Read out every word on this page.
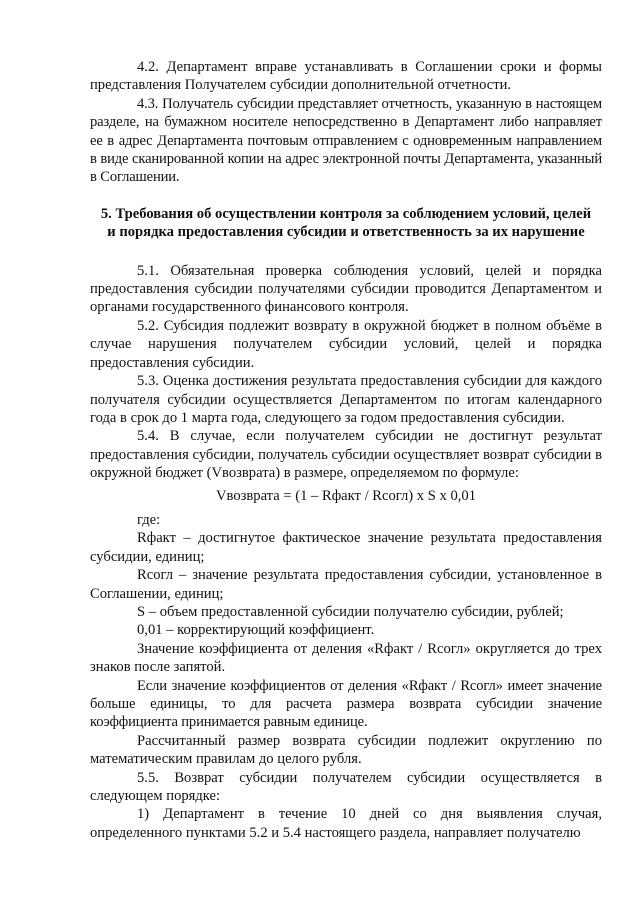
4.2. Департамент вправе устанавливать в Соглашении сроки и формы представления Получателем субсидии дополнительной отчетности.

4.3. Получатель субсидии представляет отчетность, указанную в настоящем разделе, на бумажном носителе непосредственно в Департамент либо направляет ее в адрес Департамента почтовым отправлением с одновременным направлением в виде сканированной копии на адрес электронной почты Департамента, указанный в Соглашении.

5. Требования об осуществлении контроля за соблюдением условий, целей
и порядка предоставления субсидии и ответственность за их нарушение

5.1. Обязательная проверка соблюдения условий, целей и порядка предоставления субсидии получателями субсидии проводится Департаментом и органами государственного финансового контроля.

5.2. Субсидия подлежит возврату в окружной бюджет в полном объёме в случае нарушения получателем субсидии условий, целей и порядка предоставления субсидии.

5.3. Оценка достижения результата предоставления субсидии для каждого получателя субсидии осуществляется Департаментом по итогам календарного года в срок до 1 марта года, следующего за годом предоставления субсидии.

5.4. В случае, если получателем субсидии не достигнут результат предоставления субсидии, получатель субсидии осуществляет возврат субсидии в окружной бюджет (Vвозврата) в размере, определяемом по формуле:

Vвозврата = (1 – Rфакт / Rсогл) x S x 0,01

где:

Rфакт – достигнутое фактическое значение результата предоставления субсидии, единиц;

Rсогл – значение результата предоставления субсидии, установленное в Соглашении, единиц;

S – объем предоставленной субсидии получателю субсидии, рублей;

0,01 – корректирующий коэффициент.

Значение коэффициента от деления «Rфакт / Rсогл» округляется до трех знаков после запятой.

Если значение коэффициентов от деления «Rфакт / Rсогл» имеет значение больше единицы, то для расчета размера возврата субсидии значение коэффициента принимается равным единице.

Рассчитанный размер возврата субсидии подлежит округлению по математическим правилам до целого рубля.

5.5. Возврат субсидии получателем субсидии осуществляется в следующем порядке:

1) Департамент в течение 10 дней со дня выявления случая, определенного пунктами 5.2 и 5.4 настоящего раздела, направляет получателю
